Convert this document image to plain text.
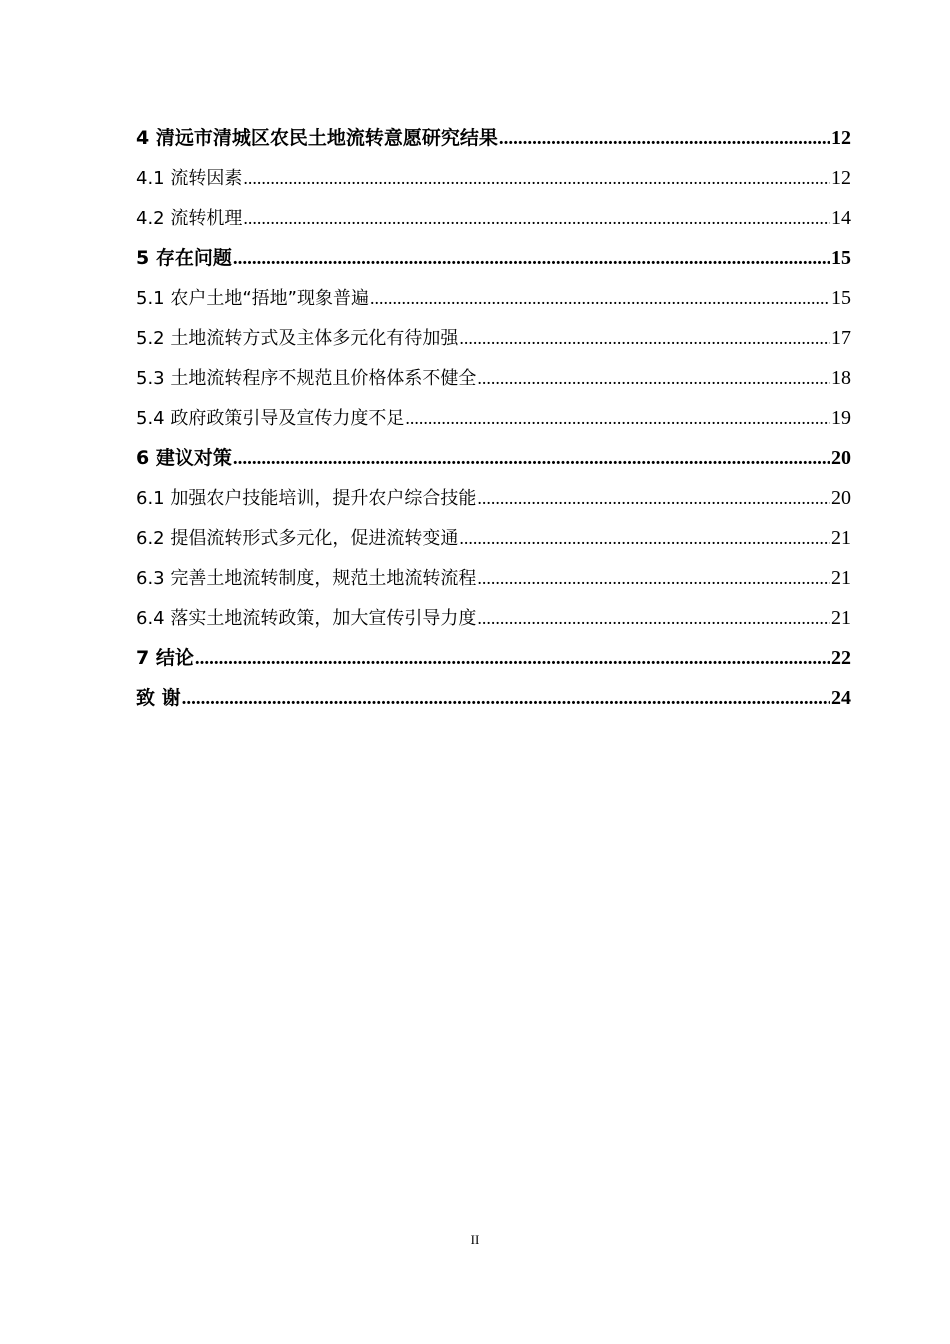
4 清远市清城区农民土地流转意愿研究结果 .....	12
4.1 流转因素 .....	12
4.2 流转机理 .....	14
5 存在问题 .....	15
5.1 农户土地“捂地”现象普遍 .....	15
5.2 土地流转方式及主体多元化有待加强 .....	17
5.3 土地流转程序不规范且价格体系不健全 .....	18
5.4 政府政策引导及宣传力度不足 .....	19
6 建议对策 .....	20
6.1 加强农户技能培训，提升农户综合技能 .....	20
6.2 提倡流转形式多元化，促进流转变通 .....	21
6.3 完善土地流转制度，规范土地流转流程 .....	21
6.4 落实土地流转政策，加大宣传引导力度 .....	21
7 结论 .....	22
致 谢 .....	24
II
